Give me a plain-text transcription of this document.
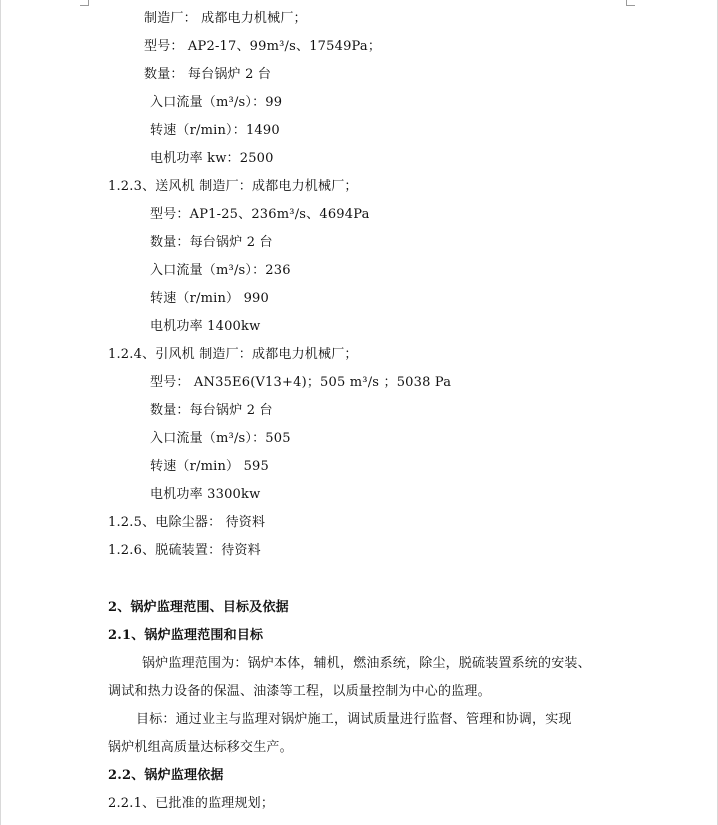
制造厂： 成都电力机械厂；
型号： AP2-17、99m³/s、17549Pa；
数量： 每台锅炉 2 台
入口流量（m³/s）：99
转速（r/min）：1490
电机功率 kw：2500
1.2.3、送风机 制造厂：成都电力机械厂；
型号：AP1-25、236m³/s、4694Pa
数量：每台锅炉 2 台
入口流量（m³/s）：236
转速（r/min） 990
电机功率 1400kw
1.2.4、引风机 制造厂：成都电力机械厂；
型号： AN35E6(V13+4)；505 m³/s ；5038 Pa
数量：每台锅炉 2 台
入口流量（m³/s）：505
转速（r/min） 595
电机功率 3300kw
1.2.5、电除尘器： 待资料
1.2.6、脱硫装置：待资料
2、锅炉监理范围、目标及依据
2.1、锅炉监理范围和目标
锅炉监理范围为：锅炉本体，辅机，燃油系统，除尘，脱硫装置系统的安装、
调试和热力设备的保温、油漆等工程，以质量控制为中心的监理。
目标：通过业主与监理对锅炉施工，调试质量进行监督、管理和协调，实现
锅炉机组高质量达标移交生产。
2.2、锅炉监理依据
2.2.1、已批准的监理规划；
